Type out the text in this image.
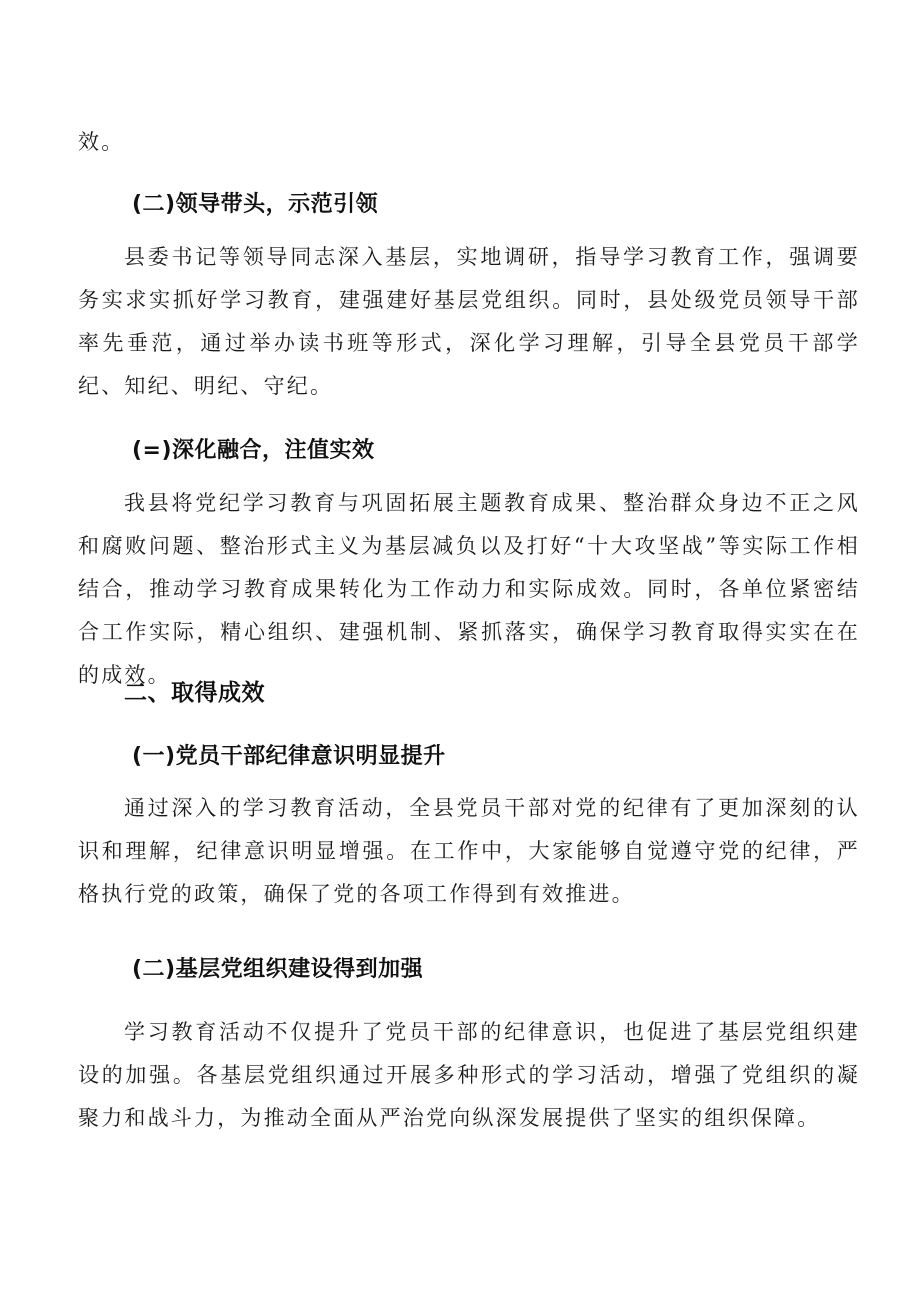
效。

(二)领导带头，示范引领

县委书记等领导同志深入基层，实地调研，指导学习教育工作，强调要务实求实抓好学习教育，建强建好基层党组织。同时，县处级党员领导干部率先垂范，通过举办读书班等形式，深化学习理解，引导全县党员干部学纪、知纪、明纪、守纪。

(=)深化融合，注值实效

我县将党纪学习教育与巩固拓展主题教育成果、整治群众身边不正之风和腐败问题、整治形式主义为基层减负以及打好“十大攻坚战”等实际工作相结合，推动学习教育成果转化为工作动力和实际成效。同时，各单位紧密结合工作实际，精心组织、建强机制、紧抓落实，确保学习教育取得实实在在的成效。

二、取得成效
(一)党员干部纪律意识明显提升

通过深入的学习教育活动，全县党员干部对党的纪律有了更加深刻的认识和理解，纪律意识明显增强。在工作中，大家能够自觉遵守党的纪律，严格执行党的政策，确保了党的各项工作得到有效推进。

(二)基层党组织建设得到加强

学习教育活动不仅提升了党员干部的纪律意识，也促进了基层党组织建设的加强。各基层党组织通过开展多种形式的学习活动，增强了党组织的凝聚力和战斗力，为推动全面从严治党向纵深发展提供了坚实的组织保障。
